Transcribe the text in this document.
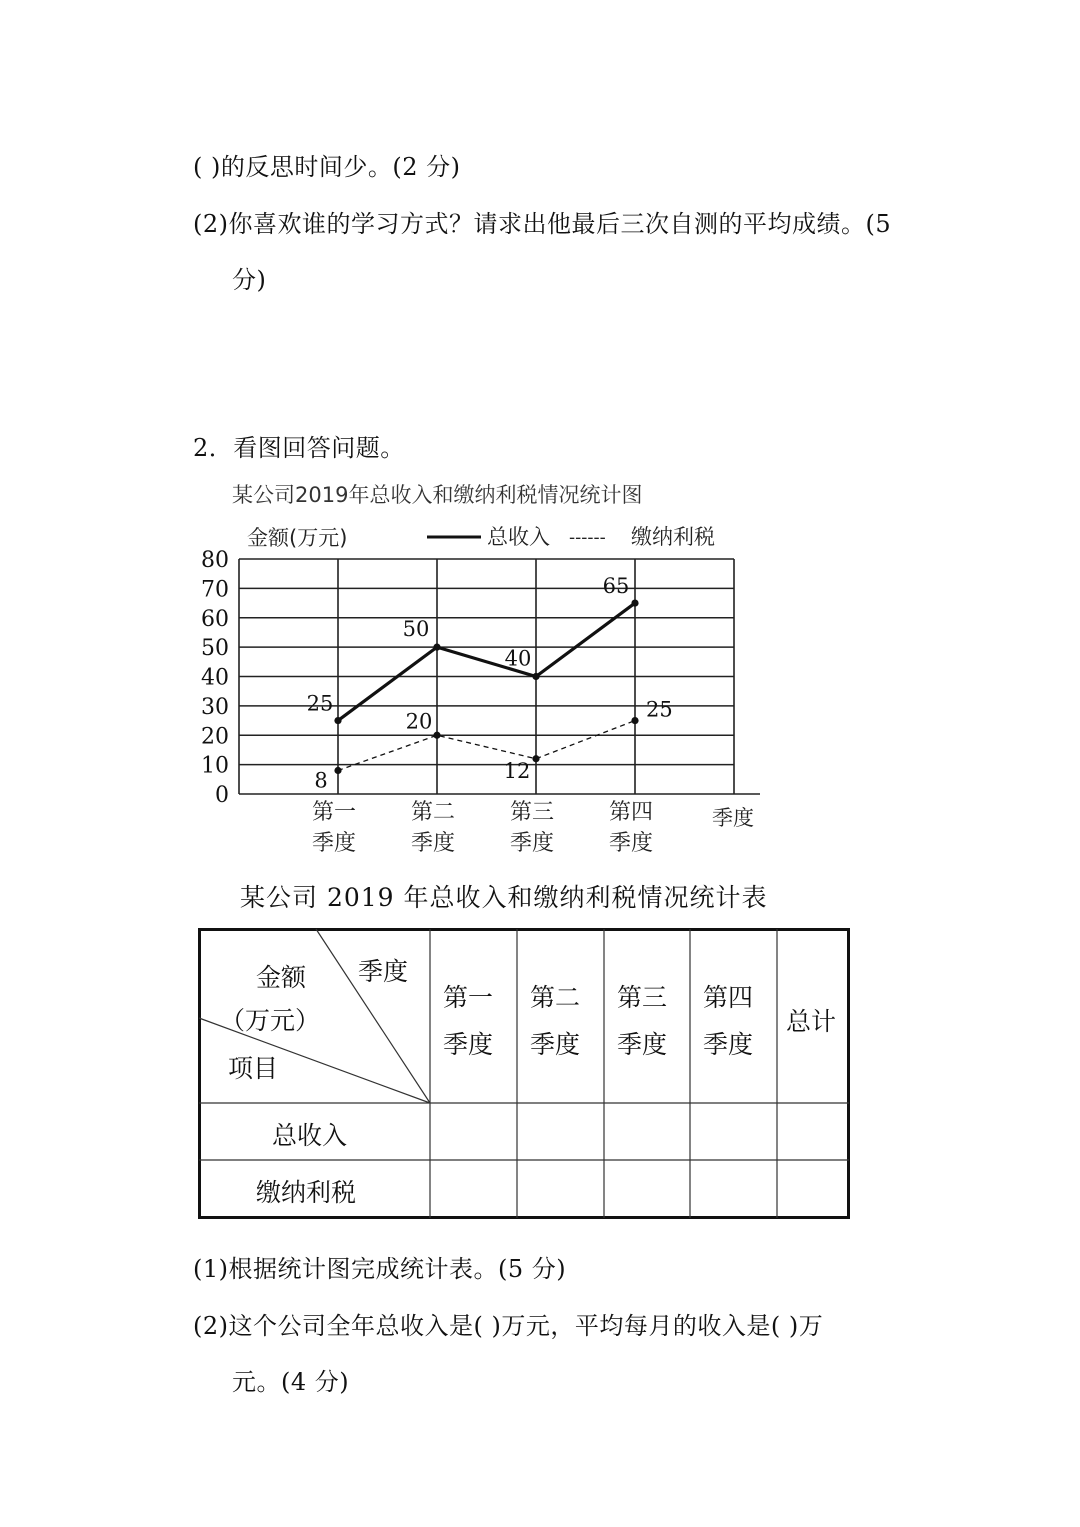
( )的反思时间少。(2 分)
(2)你喜欢谁的学习方式？请求出他最后三次自测的平均成绩。(5
分)
2．看图回答问题。
某公司2019年总收入和缴纳利税情况统计图
金额(万元)	总收入 ------ 缴纳利税
0
10
20
30
40
50
60
70
80
第一
季度
第二
季度
第三
季度
第四
季度
25
50
40
65
8
20
12
25
季度
某公司 2019 年总收入和缴纳利税情况统计表
季度
金额
（万元）
项目
第一
季度
第二
季度
第三
季度
第四
季度
总计
总收入
缴纳利税
(1)根据统计图完成统计表。(5 分)
(2)这个公司全年总收入是( )万元，平均每月的收入是( )万
元。(4 分)
